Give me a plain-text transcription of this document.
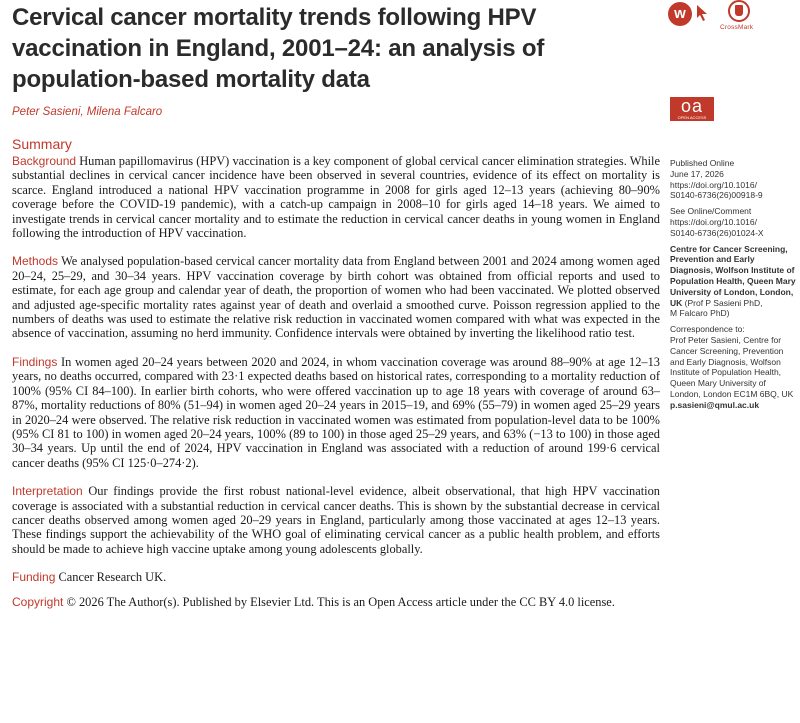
Cervical cancer mortality trends following HPV vaccination in England, 2001–24: an analysis of population-based mortality data

Peter Sasieni, Milena Falcaro

w
CrossMark
oa
OPEN ACCESS
Summary

Background Human papillomavirus (HPV) vaccination is a key component of global cervical cancer elimination strategies. While substantial declines in cervical cancer incidence have been observed in several countries, evidence of its effect on mortality is scarce. England introduced a national HPV vaccination programme in 2008 for girls aged 12–13 years (achieving 80–90% coverage before the COVID-19 pandemic), with a catch-up campaign in 2008–10 for girls aged 14–18 years. We aimed to investigate trends in cervical cancer mortality and to estimate the reduction in cervical cancer deaths in young women in England following the introduction of HPV vaccination.

Methods We analysed population-based cervical cancer mortality data from England between 2001 and 2024 among women aged 20–24, 25–29, and 30–34 years. HPV vaccination coverage by birth cohort was obtained from official reports and used to estimate, for each age group and calendar year of death, the proportion of women who had been vaccinated. We plotted observed and adjusted age-specific mortality rates against year of death and overlaid a smoothed curve. Poisson regression applied to the numbers of deaths was used to estimate the relative risk reduction in vaccinated women compared with what was expected in the absence of vaccination, assuming no herd immunity. Confidence intervals were obtained by inverting the likelihood ratio test.

Findings In women aged 20–24 years between 2020 and 2024, in whom vaccination coverage was around 88–90% at age 12–13 years, no deaths occurred, compared with 23·1 expected deaths based on historical rates, corresponding to a mortality reduction of 100% (95% CI 84–100). In earlier birth cohorts, who were offered vaccination up to age 18 years with coverage of around 63–87%, mortality reductions of 80% (51–94) in women aged 20–24 years in 2015–19, and 69% (55–79) in women aged 25–29 years in 2020–24 were observed. The relative risk reduction in vaccinated women was estimated from population-level data to be 100% (95% CI 81 to 100) in women aged 20–24 years, 100% (89 to 100) in those aged 25–29 years, and 63% (−13 to 100) in those aged 30–34 years. Up until the end of 2024, HPV vaccination in England was associated with a reduction of around 199·6 cervical cancer deaths (95% CI 125·0–274·2).

Interpretation Our findings provide the first robust national-level evidence, albeit observational, that high HPV vaccination coverage is associated with a substantial reduction in cervical cancer deaths. This is shown by the substantial decrease in cervical cancer deaths observed among women aged 20–29 years in England, particularly among those vaccinated at ages 12–13 years. These findings support the achievability of the WHO goal of eliminating cervical cancer as a public health problem, and efforts should be made to achieve high vaccine uptake among young adolescents globally.

Funding Cancer Research UK.

Copyright © 2026 The Author(s). Published by Elsevier Ltd. This is an Open Access article under the CC BY 4.0 license.

Published Online
June 17, 2026
https://doi.org/10.1016/
S0140-6736(26)00918-9
See Online/Comment
https://doi.org/10.1016/
S0140-6736(26)01024-X
Centre for Cancer Screening,
Prevention and Early
Diagnosis, Wolfson Institute of
Population Health, Queen Mary
University of London, London,
UK (Prof P Sasieni PhD,
M Falcaro PhD)
Correspondence to:
Prof Peter Sasieni, Centre for
Cancer Screening, Prevention
and Early Diagnosis, Wolfson
Institute of Population Health,
Queen Mary University of
London, London EC1M 6BQ, UK
p.sasieni@qmul.ac.uk
